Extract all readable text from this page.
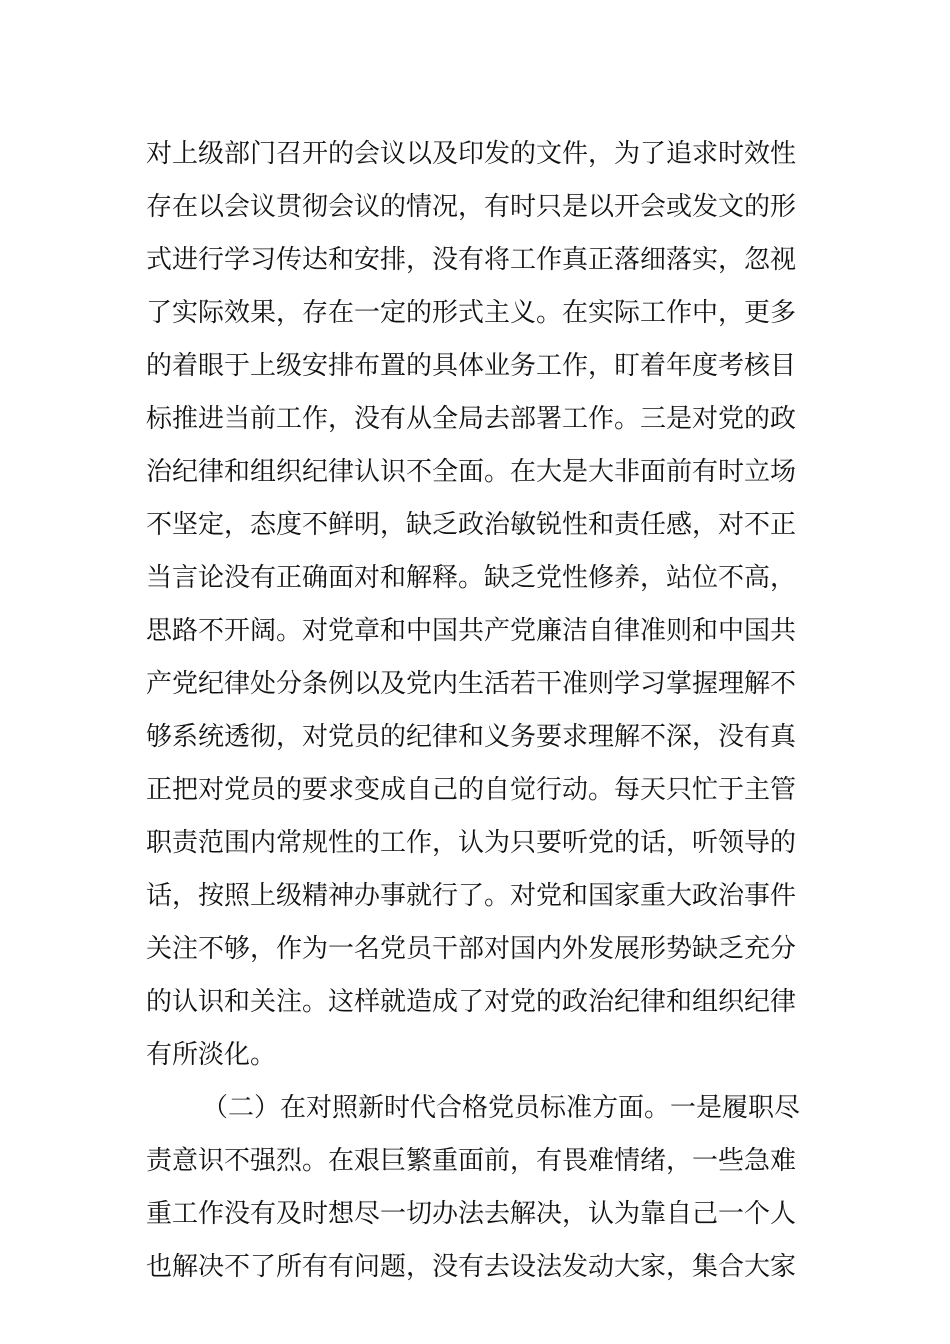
对上级部门召开的会议以及印发的文件，为了追求时效性
存在以会议贯彻会议的情况，有时只是以开会或发文的形
式进行学习传达和安排，没有将工作真正落细落实，忽视
了实际效果，存在一定的形式主义。在实际工作中，更多
的着眼于上级安排布置的具体业务工作，盯着年度考核目
标推进当前工作，没有从全局去部署工作。三是对党的政
治纪律和组织纪律认识不全面。在大是大非面前有时立场
不坚定，态度不鲜明，缺乏政治敏锐性和责任感，对不正
当言论没有正确面对和解释。缺乏党性修养，站位不高，
思路不开阔。对党章和中国共产党廉洁自律准则和中国共
产党纪律处分条例以及党内生活若干准则学习掌握理解不
够系统透彻，对党员的纪律和义务要求理解不深，没有真
正把对党员的要求变成自己的自觉行动。每天只忙于主管
职责范围内常规性的工作，认为只要听党的话，听领导的
话，按照上级精神办事就行了。对党和国家重大政治事件
关注不够，作为一名党员干部对国内外发展形势缺乏充分
的认识和关注。这样就造成了对党的政治纪律和组织纪律
有所淡化。
（二）在对照新时代合格党员标准方面。一是履职尽
责意识不强烈。在艰巨繁重面前，有畏难情绪，一些急难
重工作没有及时想尽一切办法去解决，认为靠自己一个人
也解决不了所有有问题，没有去设法发动大家，集合大家
